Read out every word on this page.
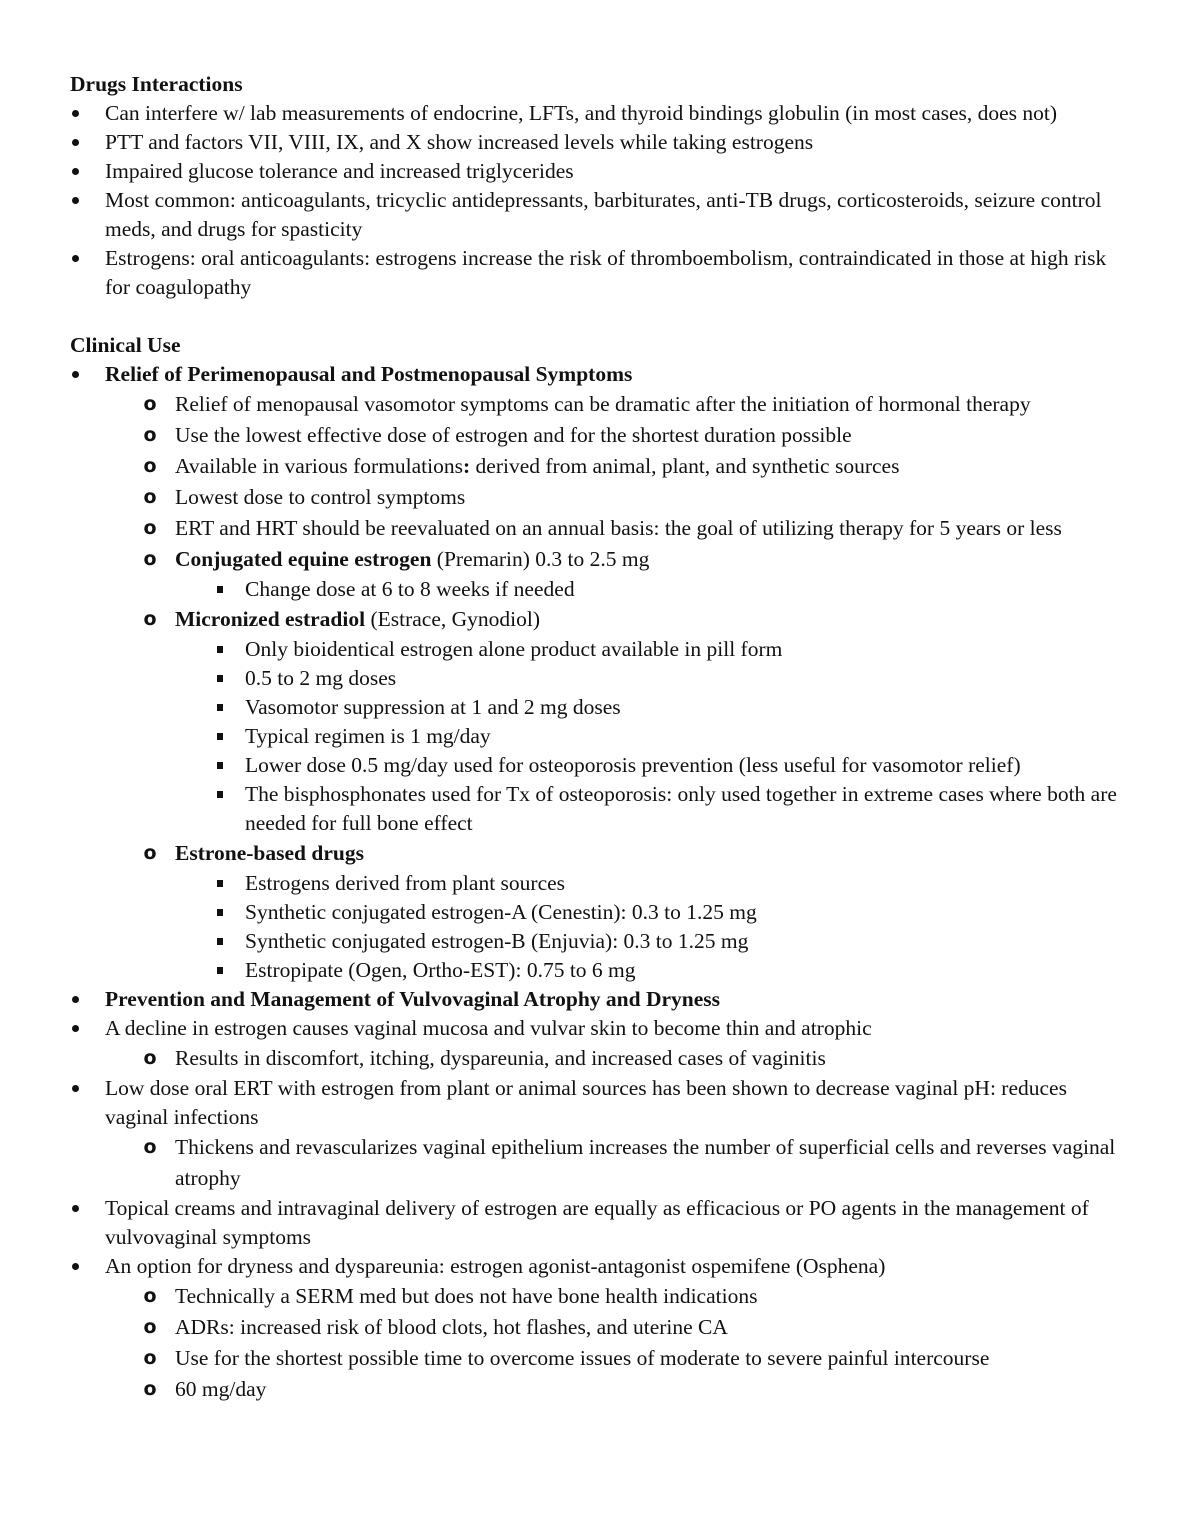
Drugs Interactions
Can interfere w/ lab measurements of endocrine, LFTs, and thyroid bindings globulin (in most cases, does not)
PTT and factors VII, VIII, IX, and X show increased levels while taking estrogens
Impaired glucose tolerance and increased triglycerides
Most common: anticoagulants, tricyclic antidepressants, barbiturates, anti-TB drugs, corticosteroids, seizure control meds, and drugs for spasticity
Estrogens: oral anticoagulants: estrogens increase the risk of thromboembolism, contraindicated in those at high risk for coagulopathy
Clinical Use
Relief of Perimenopausal and Postmenopausal Symptoms
o Relief of menopausal vasomotor symptoms can be dramatic after the initiation of hormonal therapy
o Use the lowest effective dose of estrogen and for the shortest duration possible
o Available in various formulations: derived from animal, plant, and synthetic sources
o Lowest dose to control symptoms
o ERT and HRT should be reevaluated on an annual basis: the goal of utilizing therapy for 5 years or less
o Conjugated equine estrogen (Premarin) 0.3 to 2.5 mg
Change dose at 6 to 8 weeks if needed
o Micronized estradiol (Estrace, Gynodiol)
Only bioidentical estrogen alone product available in pill form
0.5 to 2 mg doses
Vasomotor suppression at 1 and 2 mg doses
Typical regimen is 1 mg/day
Lower dose 0.5 mg/day used for osteoporosis prevention (less useful for vasomotor relief)
The bisphosphonates used for Tx of osteoporosis: only used together in extreme cases where both are needed for full bone effect
o Estrone-based drugs
Estrogens derived from plant sources
Synthetic conjugated estrogen-A (Cenestin): 0.3 to 1.25 mg
Synthetic conjugated estrogen-B (Enjuvia): 0.3 to 1.25 mg
Estropipate (Ogen, Ortho-EST): 0.75 to 6 mg
Prevention and Management of Vulvovaginal Atrophy and Dryness
A decline in estrogen causes vaginal mucosa and vulvar skin to become thin and atrophic
o Results in discomfort, itching, dyspareunia, and increased cases of vaginitis
Low dose oral ERT with estrogen from plant or animal sources has been shown to decrease vaginal pH: reduces vaginal infections
o Thickens and revascularizes vaginal epithelium increases the number of superficial cells and reverses vaginal atrophy
Topical creams and intravaginal delivery of estrogen are equally as efficacious or PO agents in the management of vulvovaginal symptoms
An option for dryness and dyspareunia: estrogen agonist-antagonist ospemifene (Osphena)
o Technically a SERM med but does not have bone health indications
o ADRs: increased risk of blood clots, hot flashes, and uterine CA
o Use for the shortest possible time to overcome issues of moderate to severe painful intercourse
o 60 mg/day
